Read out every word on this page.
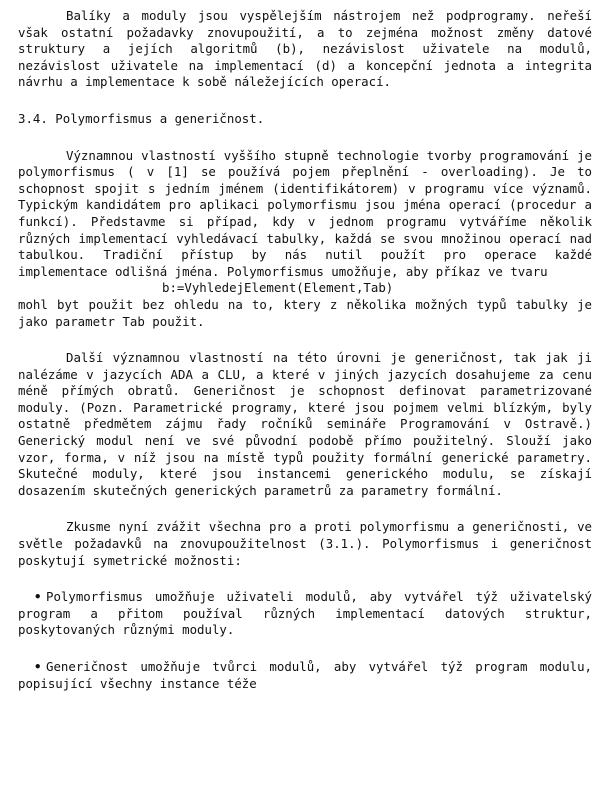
Balíky a moduly jsou vyspělejším nástrojem než podprogramy. neřeší však ostatní požadavky znovupoužití, a to zejména možnost změny datové struktury a jejích algoritmů (b), nezávislost uživatele na modulů, nezávislost uživatele na implementací (d) a koncepční jednota a integrita návrhu a implementace k sobě náležejících operací.

3.4. Polymorfismus a generičnost.

Významnou vlastností vyššího stupně technologie tvorby programování je polymorfismus ( v [1] se používá pojem přeplnění - overloading). Je to schopnost spojit s jedním jménem (identifikátorem) v programu více významů. Typickým kandidátem pro aplikaci polymorfismu jsou jména operací (procedur a funkcí). Představme si případ, kdy v jednom programu vytváříme několik různých implementací vyhledávací tabulky, každá se svou množinou operací nad tabulkou. Tradiční přístup by nás nutil použít pro operace každé implementace odlišná jména. Polymorfismus umožňuje, aby příkaz ve tvaru

b:=VyhledejElement(Element,Tab)

mohl byt použit bez ohledu na to, ktery z několika možných typů tabulky je jako parametr Tab použit.

Další významnou vlastností na této úrovni je generičnost, tak jak ji nalézáme v jazycích ADA a CLU, a které v jiných jazycích dosahujeme za cenu méně přímých obratů. Generičnost je schopnost definovat parametrizované moduly. (Pozn. Parametrické programy, které jsou pojmem velmi blízkým, byly ostatně předmětem zájmu řady ročníků semináře Programování v Ostravě.) Generický modul není ve své původní podobě přímo použitelný. Slouží jako vzor, forma, v níž jsou na místě typů použity formální generické parametry. Skutečné moduly, které jsou instancemi generického modulu, se získají dosazením skutečných generických parametrů za parametry formální.

Zkusme nyní zvážit všechna pro a proti polymorfismu a generičnosti, ve světle požadavků na znovupoužitelnost (3.1.). Polymorfismus i generičnost poskytují symetrické možnosti:

• Polymorfismus umožňuje uživateli modulů, aby vytvářel týž uživatelský program a přitom používal různých implementací datových struktur, poskytovaných různými moduly.

• Generičnost umožňuje tvůrci modulů, aby vytvářel týž program modulu, popisující všechny instance téže
